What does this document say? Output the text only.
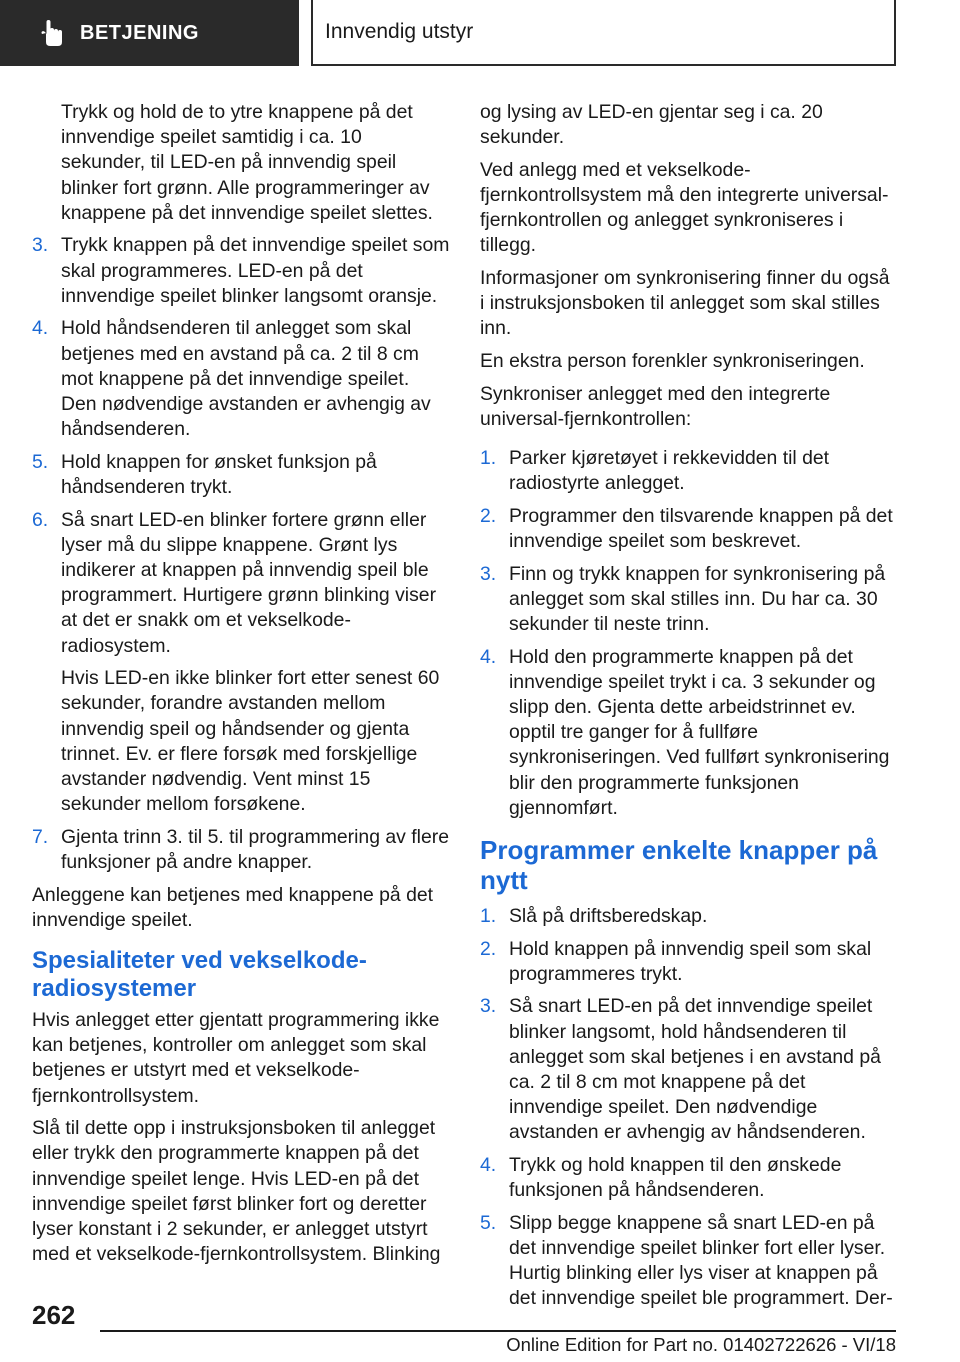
BETJENING	Innvendig utstyr

Trykk og hold de to ytre knappene på det innvendige speilet samtidig i ca. 10 sekunder, til LED-en på innvendig speil blinker fort grønn. Alle programmeringer av knappene på det innvendige speilet slettes.

3. Trykk knappen på det innvendige speilet som skal programmeres. LED-en på det innvendige speilet blinker langsomt oransje.
4. Hold håndsenderen til anlegget som skal betjenes med en avstand på ca. 2 til 8 cm mot knappene på det innvendige speilet. Den nødvendige avstanden er avhengig av håndsenderen.
5. Hold knappen for ønsket funksjon på håndsenderen trykt.
6. Så snart LED-en blinker fortere grønn eller lyser må du slippe knappene. Grønt lys indikerer at knappen på innvendig speil ble programmert. Hurtigere grønn blinking viser at det er snakk om et vekselkode-radiosystem.
Hvis LED-en ikke blinker fort etter senest 60 sekunder, forandre avstanden mellom innvendig speil og håndsender og gjenta trinnet. Ev. er flere forsøk med forskjellige avstander nødvendig. Vent minst 15 sekunder mellom forsøkene.
7. Gjenta trinn 3. til 5. til programmering av flere funksjoner på andre knapper.

Anleggene kan betjenes med knappene på det innvendige speilet.

Spesialiteter ved vekselkode-radiosystemer

Hvis anlegget etter gjentatt programmering ikke kan betjenes, kontroller om anlegget som skal betjenes er utstyrt med et vekselkode-fjernkontrollsystem.

Slå til dette opp i instruksjonsboken til anlegget eller trykk den programmerte knappen på det innvendige speilet lenge. Hvis LED-en på det innvendige speilet først blinker fort og deretter lyser konstant i 2 sekunder, er anlegget utstyrt med et vekselkode-fjernkontrollsystem. Blinking

og lysing av LED-en gjentar seg i ca. 20 sekunder.

Ved anlegg med et vekselkode-fjernkontrollsystem må den integrerte universal-fjernkontrollen og anlegget synkroniseres i tillegg.

Informasjoner om synkronisering finner du også i instruksjonsboken til anlegget som skal stilles inn.

En ekstra person forenkler synkroniseringen.

Synkroniser anlegget med den integrerte universal-fjernkontrollen:

1. Parker kjøretøyet i rekkevidden til det radiostyrte anlegget.
2. Programmer den tilsvarende knappen på det innvendige speilet som beskrevet.
3. Finn og trykk knappen for synkronisering på anlegget som skal stilles inn. Du har ca. 30 sekunder til neste trinn.
4. Hold den programmerte knappen på det innvendige speilet trykt i ca. 3 sekunder og slipp den. Gjenta dette arbeidstrinnet ev. opptil tre ganger for å fullføre synkroniseringen. Ved fullført synkronisering blir den programmerte funksjonen gjennomført.
Programmer enkelte knapper på nytt
1. Slå på driftsberedskap.
2. Hold knappen på innvendig speil som skal programmeres trykt.
3. Så snart LED-en på det innvendige speilet blinker langsomt, hold håndsenderen til anlegget som skal betjenes i en avstand på ca. 2 til 8 cm mot knappene på det innvendige speilet. Den nødvendige avstanden er avhengig av håndsenderen.
4. Trykk og hold knappen til den ønskede funksjonen på håndsenderen.
5. Slipp begge knappene så snart LED-en på det innvendige speilet blinker fort eller lyser. Hurtig blinking eller lys viser at knappen på det innvendige speilet ble programmert. Der-
262
Online Edition for Part no. 01402722626 - VI/18
